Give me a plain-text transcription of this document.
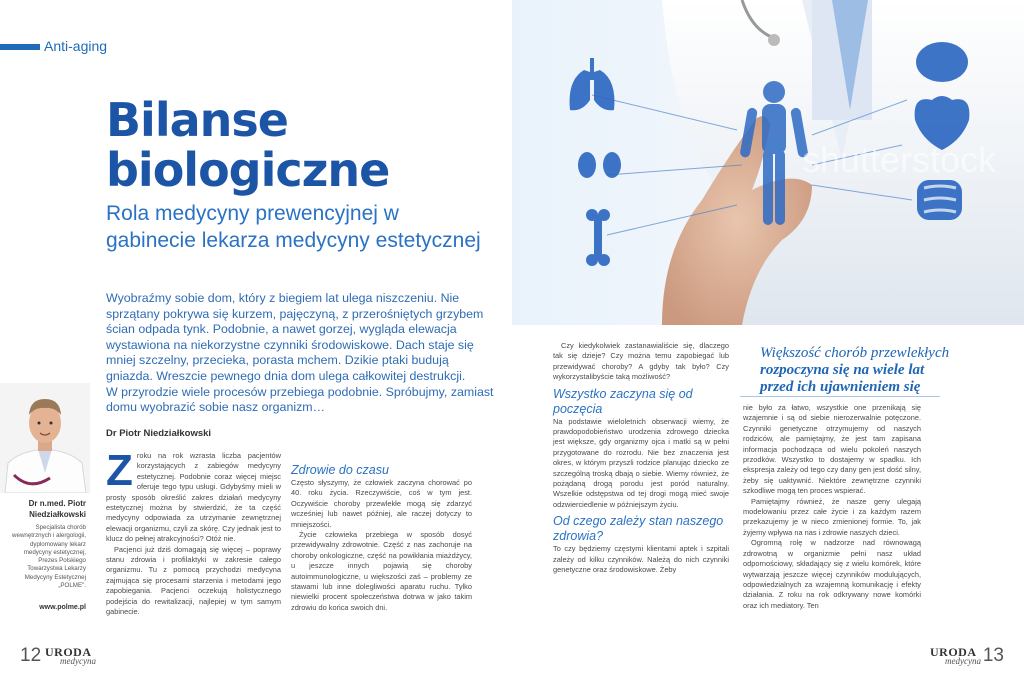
Anti-aging
Bilanse
biologiczne
Rola medycyny prewencyjnej w gabinecie lekarza medycyny estetycznej

Wyobraźmy sobie dom, który z biegiem lat ulega niszczeniu. Nie sprzątany pokrywa się kurzem, pajęczyną, z przerośniętych grzybem ścian odpada tynk. Podobnie, a nawet gorzej, wygląda elewacja wystawiona na niekorzystne czynniki środowiskowe. Dach staje się mniej szczelny, przecieka, porasta mchem. Dzikie ptaki budują gniazda. Wreszcie pewnego dnia dom ulega całkowitej destrukcji.

W przyrodzie wiele procesów przebiega podobnie. Spróbujmy, zamiast domu wyobrazić sobie nasz organizm…

Dr Piotr Niedziałkowski
Dr n.med. Piotr Niedziałkowski
Specjalista chorób wewnętrznych i alergologii, dyplomowany lekarz medycyny estetycznej, Prezes Polskiego Towarzystwa Lekarzy Medycyny Estetycznej „POLME".
www.polme.pl
Z roku na rok wzrasta liczba pacjentów korzystających z zabiegów medycyny estetycznej. Podobnie coraz więcej miejsc oferuje tego typu usługi. Gdybyśmy mieli w prosty sposób określić zakres działań medycyny estetycznej można by stwierdzić, że ta część medycyny odpowiada za utrzymanie zewnętrznej elewacji organizmu, czyli za skórę. Czy jednak jest to klucz do pełnej atrakcyjności? Otóż nie.

Pacjenci już dziś domagają się więcej – poprawy stanu zdrowia i profilaktyki w zakresie całego organizmu. Tu z pomocą przychodzi medycyna zajmująca się procesami starzenia i metodami jego zapobiegania. Pacjenci oczekują holistycznego podejścia do rewitalizacji, najlepiej w tym samym gabinecie.

Zdrowie do czasu

Często słyszymy, że człowiek zaczyna chorować po 40. roku życia. Rzeczywiście, coś w tym jest. Oczywiście choroby przewlekłe mogą się zdarzyć wcześniej lub nawet później, ale raczej dotyczy to mniejszości.

Życie człowieka przebiega w sposób dosyć przewidywalny zdrowotnie. Część z nas zachoruje na choroby onkologiczne, część na powikłania miażdżycy, u jeszcze innych pojawią się choroby autoimmunologiczne, u większości zaś – problemy ze stawami lub inne dolegliwości aparatu ruchu. Tylko niewielki procent społeczeństwa dotrwa w jako takim zdrowiu do końca swoich dni.

12 URODA
medycyna
shutterstock

Czy kiedykolwiek zastanawialiście się, dlaczego tak się dzieje? Czy można temu zapobiegać lub przewidywać choroby? A gdyby tak było? Czy wykorzystalibyście taką możliwość?

Wszystko zaczyna się od poczęcia

Na podstawie wieloletnich obserwacji wiemy, że prawdopodobieństwo urodzenia zdrowego dziecka jest większe, gdy organizmy ojca i matki są w pełni przygotowane do rozrodu. Nie bez znaczenia jest okres, w którym przyszli rodzice planując dziecko ze szczególną troską dbają o siebie. Wiemy również, że pożądaną drogą porodu jest poród naturalny. Wszelkie odstępstwa od tej drogi mogą mieć swoje odzwierciedlenie w późniejszym życiu.

Od czego zależy stan naszego zdrowia?

To czy będziemy częstymi klientami aptek i szpitali zależy od kilku czynników. Należą do nich czynniki genetyczne oraz środowiskowe. Żeby

Większość chorób przewlekłych
rozpoczyna się na wiele lat przed ich ujawnieniem się

nie było za łatwo, wszystkie one przenikają się wzajemnie i są od siebie nierozerwalnie potęczone. Czynniki genetyczne otrzymujemy od naszych rodziców, ale pamiętajmy, że jest tam zapisana informacja pochodząca od wielu pokoleń naszych przodków. Wszystko to dostajemy w spadku. Ich ekspresja zależy od tego czy dany gen jest dość silny, żeby się uaktywnić. Niektóre zewnętrzne czynniki szkodliwe mogą ten proces wspierać.

Pamiętajmy również, że nasze geny ulegają modelowaniu przez całe życie i za każdym razem przekazujemy je w nieco zmienionej formie. To, jak żyjemy wpływa na nas i zdrowie naszych dzieci.

Ogromną rolę w nadzorze nad równowagą zdrowotną w organizmie pełni nasz układ odpornościowy, składający się z wielu komórek, które wytwarzają jeszcze więcej czynników modulujących, odpowiedzialnych za wzajemną komunikację i efekty działania. Z roku na rok odkrywany nowe komórki oraz ich mediatory. Ten

URODA
medycyna 13
